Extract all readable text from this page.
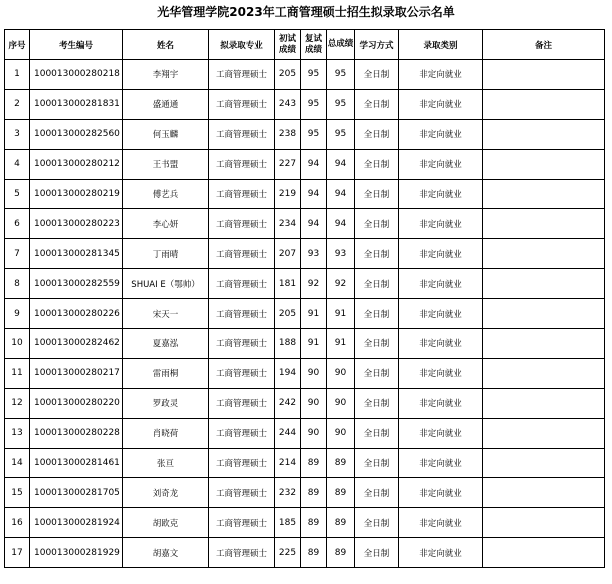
光华管理学院2023年工商管理硕士招生拟录取公示名单
序号	考生编号	姓名	拟录取专业	初试成绩	复试成绩	总成绩	学习方式	录取类别	备注
1	100013000280218	李翔宇	工商管理硕士	205	95	95	全日制	非定向就业	
2	100013000281831	盛通通	工商管理硕士	243	95	95	全日制	非定向就业	
3	100013000282560	何玉麟	工商管理硕士	238	95	95	全日制	非定向就业	
4	100013000280212	王书盟	工商管理硕士	227	94	94	全日制	非定向就业	
5	100013000280219	傅艺兵	工商管理硕士	219	94	94	全日制	非定向就业	
6	100013000280223	李心妍	工商管理硕士	234	94	94	全日制	非定向就业	
7	100013000281345	丁雨晴	工商管理硕士	207	93	93	全日制	非定向就业	
8	100013000282559	SHUAI E（鄂帅）	工商管理硕士	181	92	92	全日制	非定向就业	
9	100013000280226	宋天一	工商管理硕士	205	91	91	全日制	非定向就业	
10	100013000282462	夏嘉泓	工商管理硕士	188	91	91	全日制	非定向就业	
11	100013000280217	雷雨桐	工商管理硕士	194	90	90	全日制	非定向就业	
12	100013000280220	罗政灵	工商管理硕士	242	90	90	全日制	非定向就业	
13	100013000280228	肖晓荷	工商管理硕士	244	90	90	全日制	非定向就业	
14	100013000281461	张亘	工商管理硕士	214	89	89	全日制	非定向就业	
15	100013000281705	刘奇龙	工商管理硕士	232	89	89	全日制	非定向就业	
16	100013000281924	胡欧克	工商管理硕士	185	89	89	全日制	非定向就业	
17	100013000281929	胡嘉文	工商管理硕士	225	89	89	全日制	非定向就业	
